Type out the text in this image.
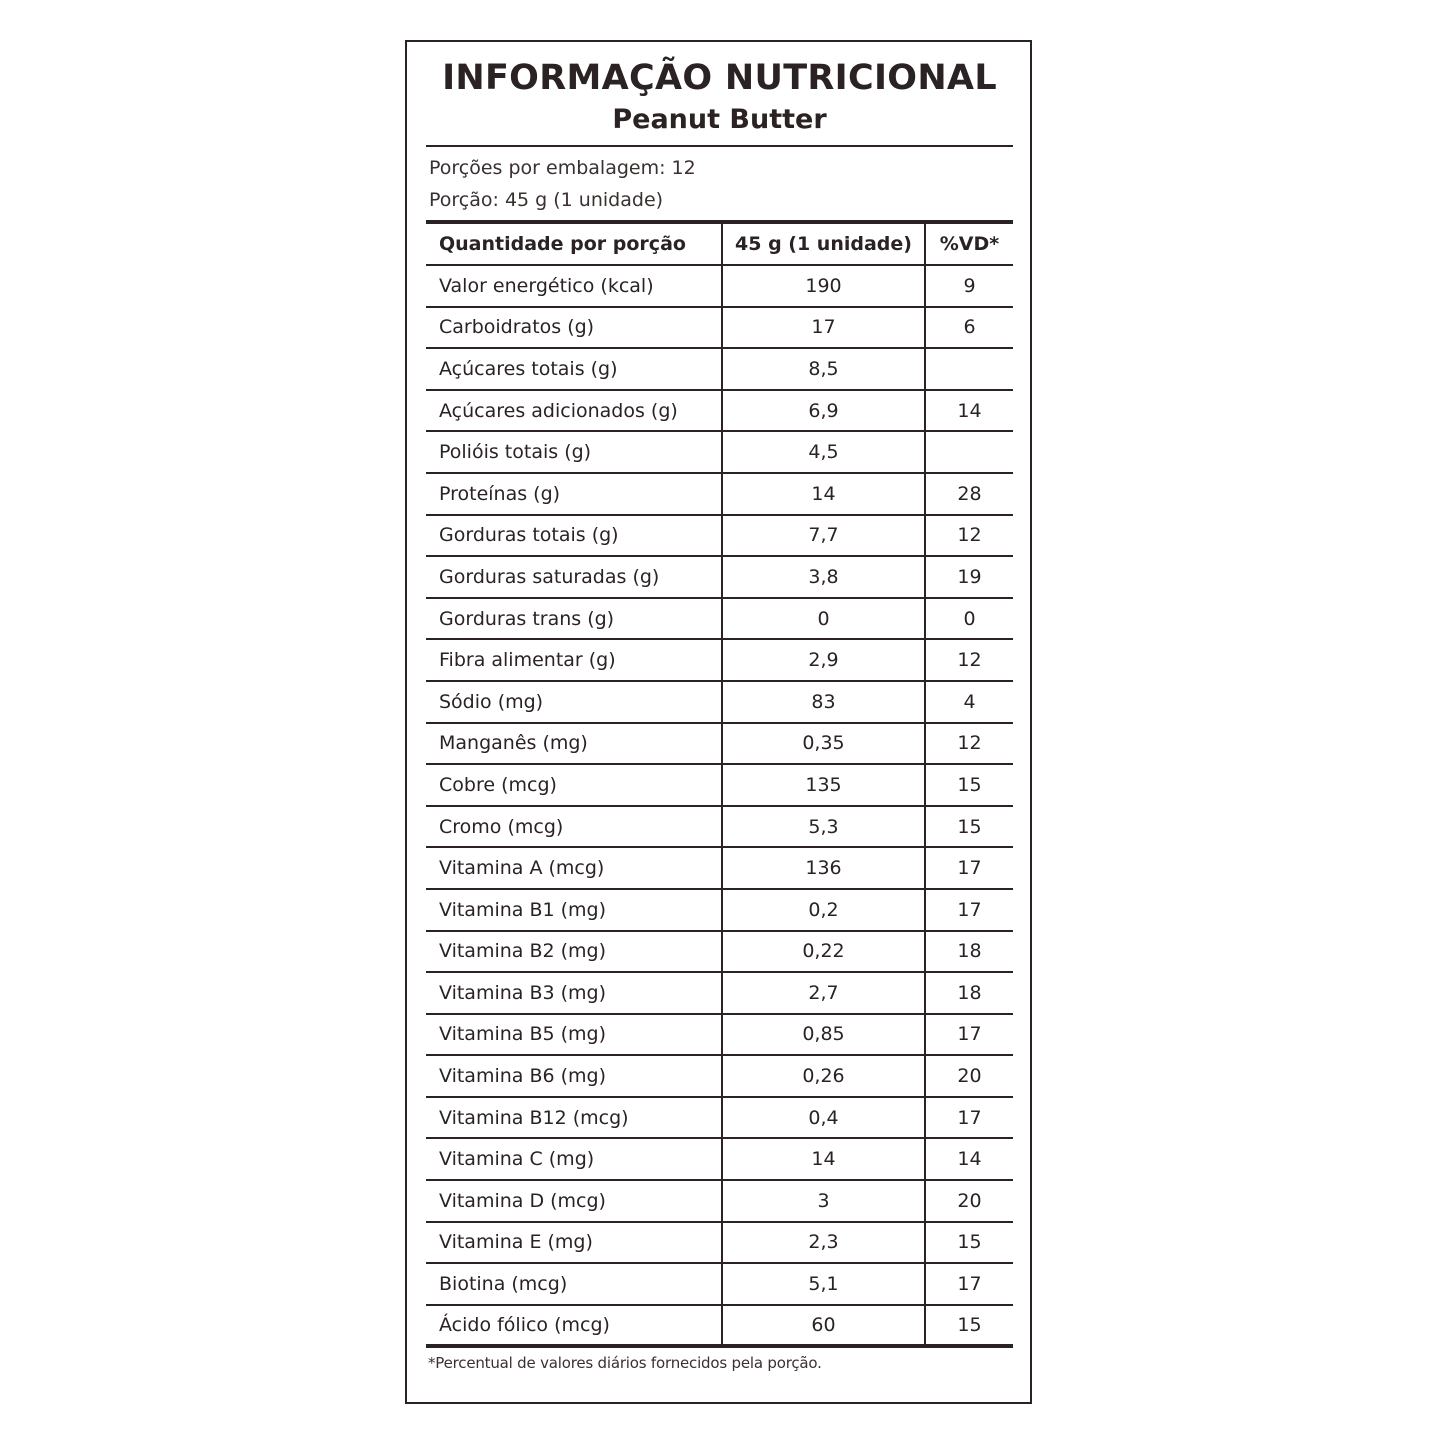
INFORMAÇÃO NUTRICIONAL
Peanut Butter
Porções por embalagem: 12
Porção: 45 g (1 unidade)
Quantidade por porção	45 g (1 unidade)	%VD*
Valor energético (kcal)	190	9
Carboidratos (g)	17	6
Açúcares totais (g)	8,5	
Açúcares adicionados (g)	6,9	14
Polióis totais (g)	4,5	
Proteínas (g)	14	28
Gorduras totais (g)	7,7	12
Gorduras saturadas (g)	3,8	19
Gorduras trans (g)	0	0
Fibra alimentar (g)	2,9	12
Sódio (mg)	83	4
Manganês (mg)	0,35	12
Cobre (mcg)	135	15
Cromo (mcg)	5,3	15
Vitamina A (mcg)	136	17
Vitamina B1 (mg)	0,2	17
Vitamina B2 (mg)	0,22	18
Vitamina B3 (mg)	2,7	18
Vitamina B5 (mg)	0,85	17
Vitamina B6 (mg)	0,26	20
Vitamina B12 (mcg)	0,4	17
Vitamina C (mg)	14	14
Vitamina D (mcg)	3	20
Vitamina E (mg)	2,3	15
Biotina (mcg)	5,1	17
Ácido fólico (mcg)	60	15
*Percentual de valores diários fornecidos pela porção.
